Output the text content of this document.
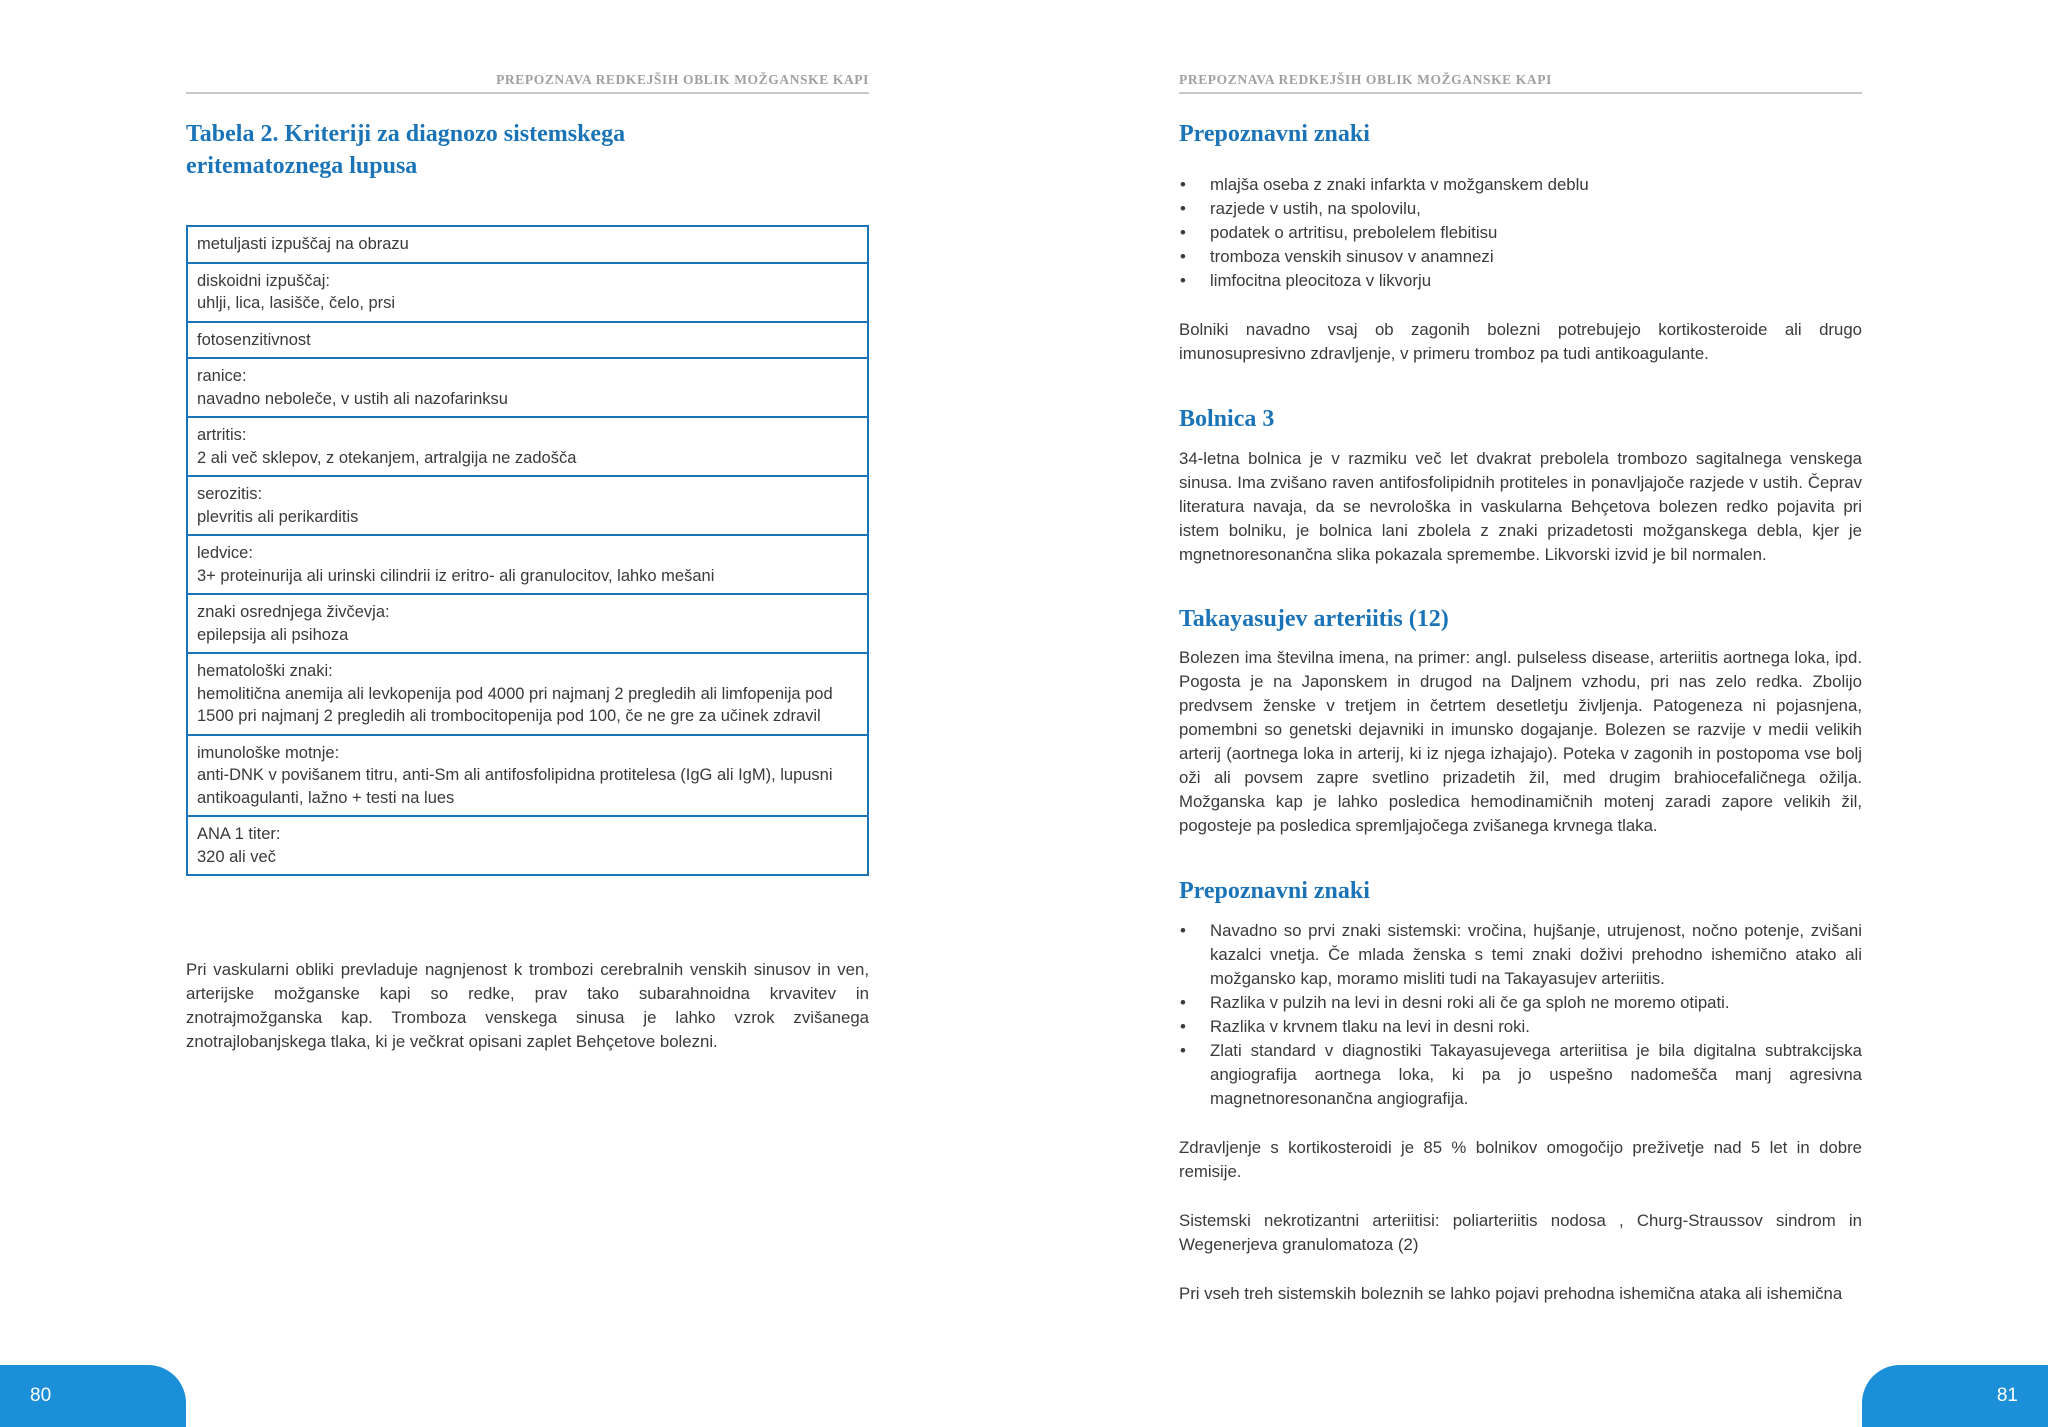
PREPOZNAVA REDKEJŠIH OBLIK MOŽGANSKE KAPI
Tabela 2. Kriteriji za diagnozo sistemskega
eritematoznega lupusa
metuljasti izpuščaj na obrazu

diskoidni izpuščaj:
uhlji, lica, lasišče, čelo, prsi

fotosenzitivnost

ranice:
navadno neboleče, v ustih ali nazofarinksu

artritis:
2 ali več sklepov, z otekanjem, artralgija ne zadošča

serozitis:
plevritis ali perikarditis

ledvice:
3+ proteinurija ali urinski cilindrii iz eritro- ali granulocitov, lahko mešani

znaki osrednjega živčevja:
epilepsija ali psihoza

hematološki znaki:
hemolitična anemija ali levkopenija pod 4000 pri najmanj 2 pregledih ali limfopenija pod 1500 pri najmanj 2 pregledih ali trombocitopenija pod 100, če ne gre za učinek zdravil

imunološke motnje:
anti-DNK v povišanem titru, anti-Sm ali antifosfolipidna protitelesa (IgG ali IgM), lupusni antikoagulanti, lažno + testi na lues

ANA 1 titer:
320 ali več

Pri vaskularni obliki prevladuje nagnjenost k trombozi cerebralnih venskih sinusov in ven, arterijske možganske kapi so redke, prav tako subarahnoidna krvavitev in znotrajmožganska kap. Tromboza venskega sinusa je lahko vzrok zvišanega znotrajlobanjskega tlaka, ki je večkrat opisani zaplet Behçetove bolezni.

80
PREPOZNAVA REDKEJŠIH OBLIK MOŽGANSKE KAPI
Prepoznavni znaki
• mlajša oseba z znaki infarkta v možganskem deblu
• razjede v ustih, na spolovilu,
• podatek o artritisu, prebolelem flebitisu
• tromboza venskih sinusov v anamnezi
• limfocitna pleocitoza v likvorju

Bolniki navadno vsaj ob zagonih bolezni potrebujejo kortikosteroide ali drugo imunosupresivno zdravljenje, v primeru tromboz pa tudi antikoagulante.

Bolnica 3

34-letna bolnica je v razmiku več let dvakrat prebolela trombozo sagitalnega venskega sinusa. Ima zvišano raven antifosfolipidnih protiteles in ponavljajoče razjede v ustih. Čeprav literatura navaja, da se nevrološka in vaskularna Behçetova bolezen redko pojavita pri istem bolniku, je bolnica lani zbolela z znaki prizadetosti možganskega debla, kjer je mgnetnoresonančna slika pokazala spremembe. Likvorski izvid je bil normalen.

Takayasujev arteriitis (12)

Bolezen ima številna imena, na primer: angl. pulseless disease, arteriitis aortnega loka, ipd. Pogosta je na Japonskem in drugod na Daljnem vzhodu, pri nas zelo redka. Zbolijo predvsem ženske v tretjem in četrtem desetletju življenja. Patogeneza ni pojasnjena, pomembni so genetski dejavniki in imunsko dogajanje. Bolezen se razvije v medii velikih arterij (aortnega loka in arterij, ki iz njega izhajajo). Poteka v zagonih in postopoma vse bolj oži ali povsem zapre svetlino prizadetih žil, med drugim brahiocefaličnega ožilja. Možganska kap je lahko posledica hemodinamičnih motenj zaradi zapore velikih žil, pogosteje pa posledica spremljajočega zvišanega krvnega tlaka.

Prepoznavni znaki
• Navadno so prvi znaki sistemski: vročina, hujšanje, utrujenost, nočno potenje, zvišani kazalci vnetja. Če mlada ženska s temi znaki doživi prehodno ishemično atako ali možgansko kap, moramo misliti tudi na Takayasujev arteriitis.
• Razlika v pulzih na levi in desni roki ali če ga sploh ne moremo otipati.
• Razlika v krvnem tlaku na levi in desni roki.
• Zlati standard v diagnostiki Takayasujevega arteriitisa je bila digitalna subtrakcijska angiografija aortnega loka, ki pa jo uspešno nadomešča manj agresivna magnetnoresonančna angiografija.

Zdravljenje s kortikosteroidi je 85 % bolnikov omogočijo preživetje nad 5 let in dobre remisije.

Sistemski nekrotizantni arteriitisi: poliarteriitis nodosa , Churg-Straussov sindrom in Wegenerjeva granulomatoza (2)

Pri vseh treh sistemskih boleznih se lahko pojavi prehodna ishemična ataka ali ishemična

81
